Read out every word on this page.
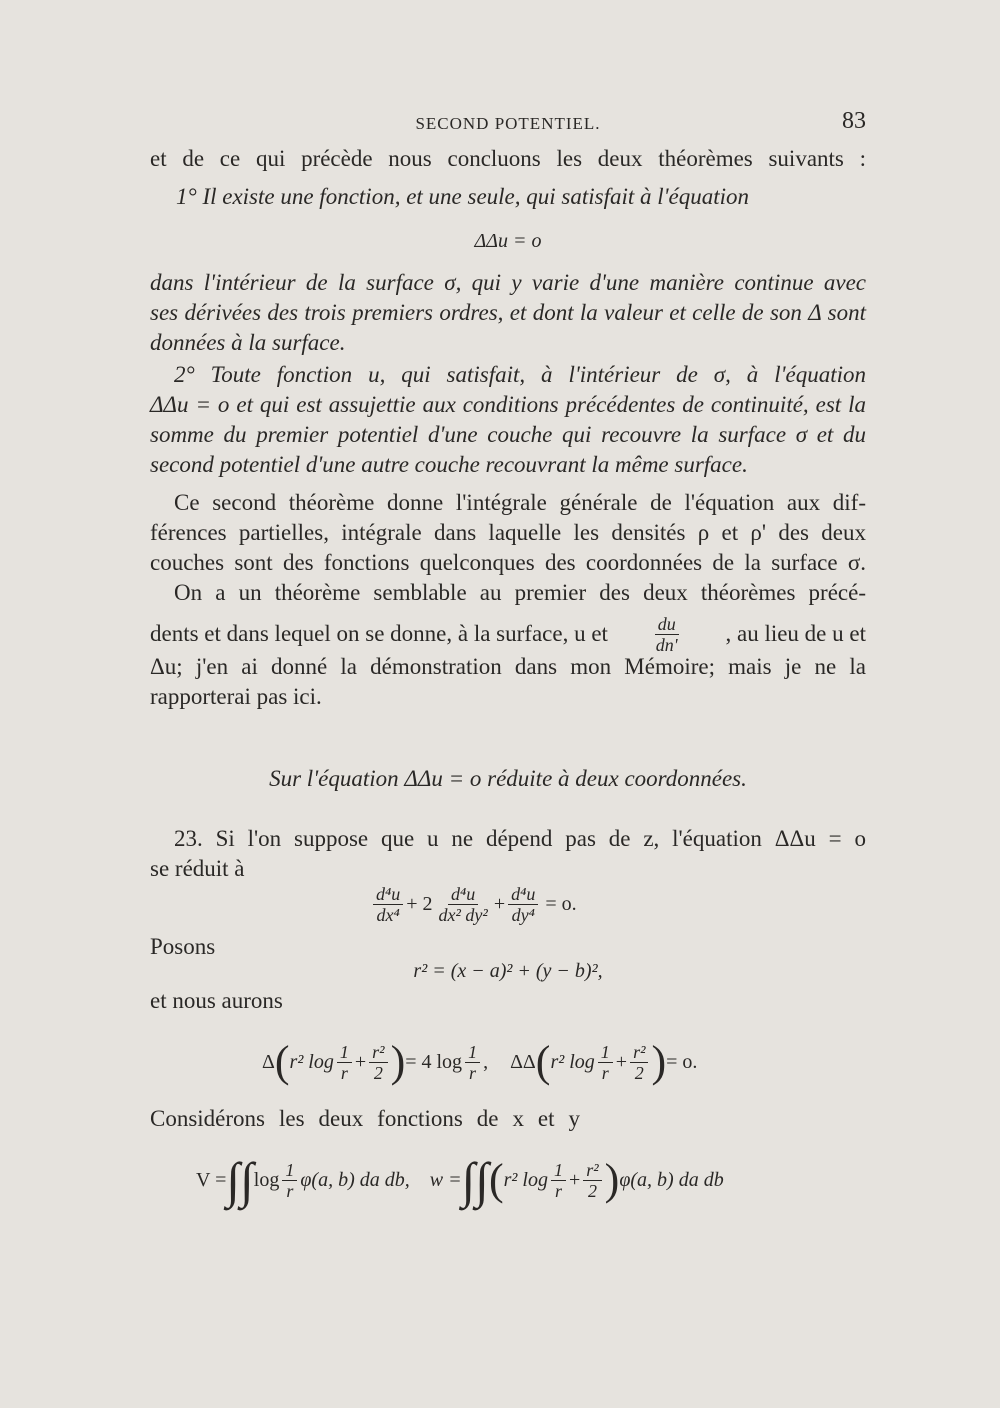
SECOND POTENTIEL.	83
et de ce qui précède nous concluons les deux théorèmes suivants :
1° Il existe une fonction, et une seule, qui satisfait à l'équation
ΔΔu = o
dans l'intérieur de la surface σ, qui y varie d'une manière continue avec
ses dérivées des trois premiers ordres, et dont la valeur et celle de son Δ sont
données à la surface.
2° Toute fonction u, qui satisfait, à l'intérieur de σ, à l'équation
ΔΔu = o et qui est assujettie aux conditions précédentes de continuité, est la
somme du premier potentiel d'une couche qui recouvre la surface σ et du
second potentiel d'une autre couche recouvrant la même surface.
Ce second théorème donne l'intégrale générale de l'équation aux dif-
férences partielles, intégrale dans laquelle les densités ρ et ρ' des deux
couches sont des fonctions quelconques des coordonnées de la surface σ.
On a un théorème semblable au premier des deux théorèmes précé-
dents et dans lequel on se donne, à la surface, u et $\frac{du}{dn'}$ , au lieu de u et
Δu; j'en ai donné la démonstration dans mon Mémoire; mais je ne la
rapporterai pas ici.
Sur l'équation ΔΔu = o réduite à deux coordonnées.
23. Si l'on suppose que u ne dépend pas de z, l'équation ΔΔu = o
se réduit à
$\frac{\text{d⁴u}}{\text{dx⁴}} + 2 \frac{\text{d⁴u}}{\text{dx² dy²}} + \frac{\text{d⁴u}}{\text{dy⁴}} = o$.
Posons
r² = (x − a)² + (y − b)²,
et nous aurons
Δ ( r² $\log \frac{1}{r} + \frac{\text{r²}}{2}$ ) = 4 $\log \frac{1}{r}$ , ΔΔ ( r² $\log \frac{1}{r} + \frac{\text{r²}}{2}$ ) = o.
Considérons les deux fonctions de x et y
V = ∫∫ $\log \frac{1}{r} \varphi(a$, b) da db, w = ∫∫ ( r² $\log \frac{1}{r} + \frac{\text{r²}}{2}$ ) φ(a, b) da db
